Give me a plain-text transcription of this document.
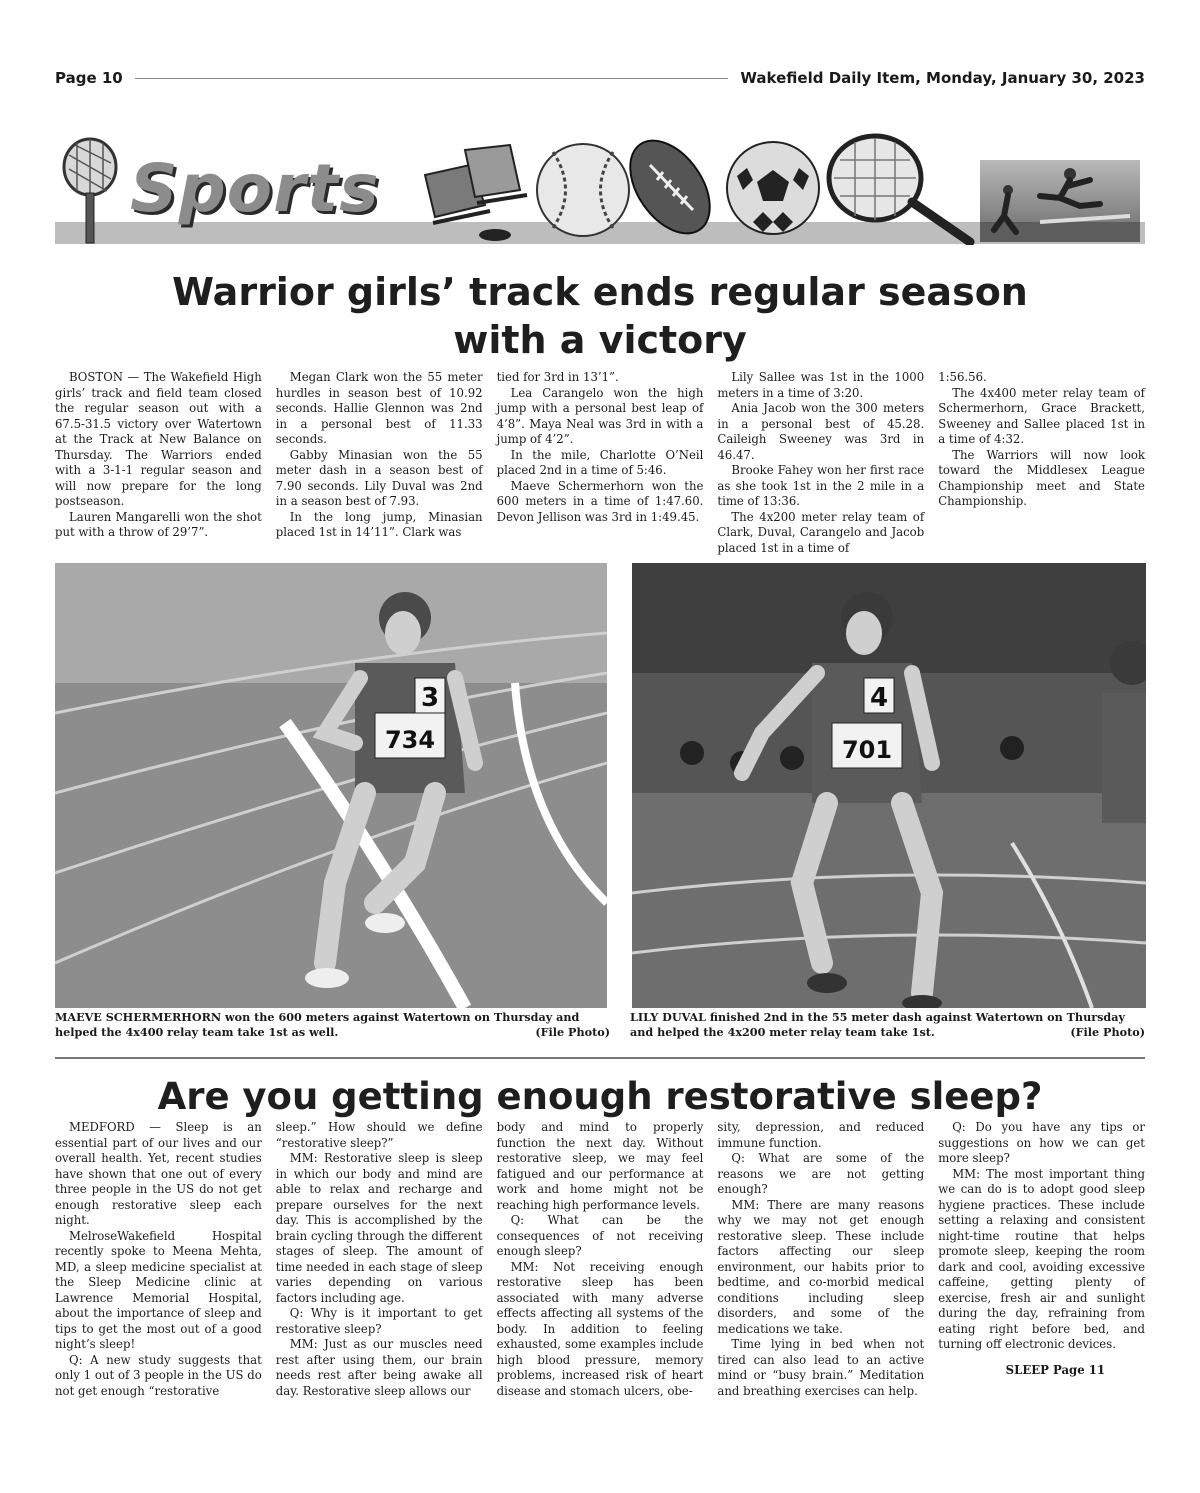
Page 10	Wakefield Daily Item, Monday, January 30, 2023
Sports
Warrior girls’ track ends regular season
with a victory

BOSTON — The Wakefield High girls’ track and field team closed the regular season out with a 67.5-31.5 victory over Watertown at the Track at New Balance on Thursday. The Warriors ended with a 3-1-1 regular season and will now prepare for the long postseason.

Lauren Mangarelli won the shot put with a throw of 29’7”.

Megan Clark won the 55 meter hurdles in season best of 10.92 seconds. Hallie Glennon was 2nd in a personal best of 11.33 seconds.

Gabby Minasian won the 55 meter dash in a season best of 7.90 seconds. Lily Duval was 2nd in a season best of 7.93.

In the long jump, Minasian placed 1st in 14’11”. Clark was

tied for 3rd in 13’1”.

Lea Carangelo won the high jump with a personal best leap of 4’8”. Maya Neal was 3rd in with a jump of 4’2”.

In the mile, Charlotte O’Neil placed 2nd in a time of 5:46.

Maeve Schermerhorn won the 600 meters in a time of 1:47.60. Devon Jellison was 3rd in 1:49.45.

Lily Sallee was 1st in the 1000 meters in a time of 3:20.

Ania Jacob won the 300 meters in a personal best of 45.28. Caileigh Sweeney was 3rd in 46.47.

Brooke Fahey won her first race as she took 1st in the 2 mile in a time of 13:36.

The 4x200 meter relay team of Clark, Duval, Carangelo and Jacob placed 1st in a time of

1:56.56.

The 4x400 meter relay team of Schermerhorn, Grace Brackett, Sweeney and Sallee placed 1st in a time of 4:32.

The Warriors will now look toward the Middlesex League Championship meet and State Championship.

734
3
701
4
MAEVE SCHERMERHORN won the 600 meters against Watertown on Thursday and helped the 4x400 relay team take 1st as well.	(File Photo)
LILY DUVAL finished 2nd in the 55 meter dash against Watertown on Thursday and helped the 4x200 meter relay team take 1st.	(File Photo)
Are you getting enough restorative sleep?

MEDFORD — Sleep is an essential part of our lives and our overall health. Yet, recent studies have shown that one out of every three people in the US do not get enough restorative sleep each night.

MelroseWakefield Hospital recently spoke to Meena Mehta, MD, a sleep medicine specialist at the Sleep Medicine clinic at Lawrence Memorial Hospital, about the importance of sleep and tips to get the most out of a good night’s sleep!

Q: A new study suggests that only 1 out of 3 people in the US do not get enough “restorative

sleep.” How should we define “restorative sleep?”

MM: Restorative sleep is sleep in which our body and mind are able to relax and recharge and prepare ourselves for the next day. This is accomplished by the brain cycling through the different stages of sleep. The amount of time needed in each stage of sleep varies depending on various factors including age.

Q: Why is it important to get restorative sleep?

MM: Just as our muscles need rest after using them, our brain needs rest after being awake all day. Restorative sleep allows our

body and mind to properly function the next day. Without restorative sleep, we may feel fatigued and our performance at work and home might not be reaching high performance levels.

Q: What can be the consequences of not receiving enough sleep?

MM: Not receiving enough restorative sleep has been associated with many adverse effects affecting all systems of the body. In addition to feeling exhausted, some examples include high blood pressure, memory problems, increased risk of heart disease and stomach ulcers, obe-

sity, depression, and reduced immune function.

Q: What are some of the reasons we are not getting enough?

MM: There are many reasons why we may not get enough restorative sleep. These include factors affecting our sleep environment, our habits prior to bedtime, and co-morbid medical conditions including sleep disorders, and some of the medications we take.

Time lying in bed when not tired can also lead to an active mind or “busy brain.” Meditation and breathing exercises can help.

Q: Do you have any tips or suggestions on how we can get more sleep?

MM: The most important thing we can do is to adopt good sleep hygiene practices. These include setting a relaxing and consistent night-time routine that helps promote sleep, keeping the room dark and cool, avoiding excessive caffeine, getting plenty of exercise, fresh air and sunlight during the day, refraining from eating right before bed, and turning off electronic devices.

SLEEP Page 11
